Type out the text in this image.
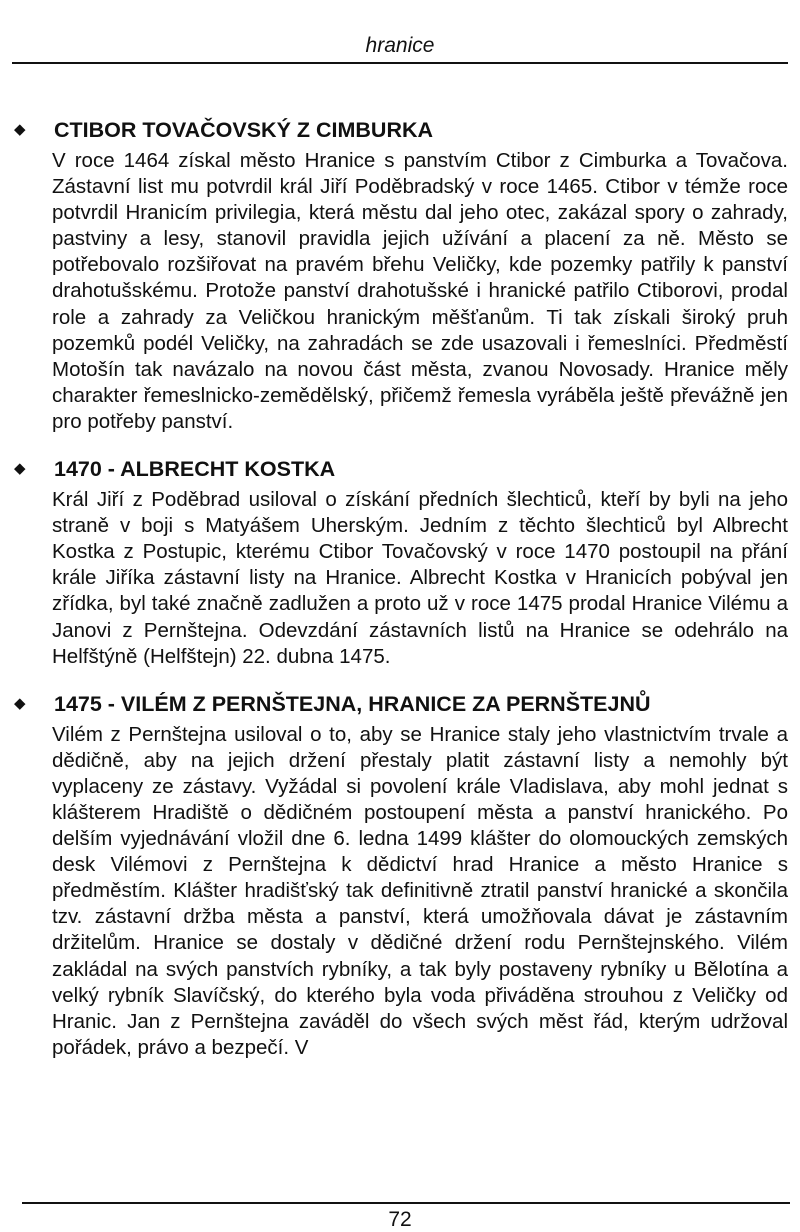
hranice
◆ CTIBOR TOVAČOVSKÝ Z CIMBURKA
V roce 1464 získal město Hranice s panstvím Ctibor z Cimburka a Tovačova. Zástavní list mu potvrdil král Jiří Poděbradský v roce 1465. Ctibor v témže roce potvrdil Hranicím privilegia, která městu dal jeho otec, zakázal spory o zahrady, pastviny a lesy, stanovil pravidla jejich užívání a placení za ně. Město se potřebovalo rozšiřovat na pravém břehu Veličky, kde pozemky patřily k panství drahotušskému. Protože panství drahotušské i hranické patřilo Ctiborovi, prodal role a zahrady za Veličkou hranickým měšťanům. Ti tak získali široký pruh pozemků podél Veličky, na zahradách se zde usazovali i řemeslníci. Předměstí Motošín tak navázalo na novou část města, zvanou Novosady. Hranice měly charakter řemeslnicko-zemědělský, přičemž řemesla vyráběla ještě převážně jen pro potřeby panství.
◆ 1470 - ALBRECHT KOSTKA
Král Jiří z Poděbrad usiloval o získání předních šlechticů, kteří by byli na jeho straně v boji s Matyášem Uherským. Jedním z těchto šlechticů byl Albrecht Kostka z Postupic, kterému Ctibor Tovačovský v roce 1470 postoupil na přání krále Jiříka zástavní listy na Hranice. Albrecht Kostka v Hranicích pobýval jen zřídka, byl také značně zadlužen a proto už v roce 1475 prodal Hranice Vilému a Janovi z Pernštejna. Odevzdání zástavních listů na Hranice se odehrálo na Helfštýně (Helfštejn) 22. dubna 1475.
◆ 1475 - VILÉM Z PERNŠTEJNA, HRANICE ZA PERNŠTEJNŮ
Vilém z Pernštejna usiloval o to, aby se Hranice staly jeho vlastnictvím trvale a dědičně, aby na jejich držení přestaly platit zástavní listy a nemohly být vyplaceny ze zástavy. Vyžádal si povolení krále Vladislava, aby mohl jednat s klášterem Hradiště o dědičném postoupení města a panství hranického. Po delším vyjednávání vložil dne 6. ledna 1499 klášter do olomouckých zemských desk Vilémovi z Pernštejna k dědictví hrad Hranice a město Hranice s předměstím. Klášter hradišťský tak definitivně ztratil panství hranické a skončila tzv. zástavní držba města a panství, která umožňovala dávat je zástavním držitelům. Hranice se dostaly v dědičné držení rodu Pernštejnského. Vilém zakládal na svých panstvích rybníky, a tak byly postaveny rybníky u Bělotína a velký rybník Slavíčský, do kterého byla voda přiváděna strouhou z Veličky od Hranic. Jan z Pernštejna zaváděl do všech svých měst řád, kterým udržoval pořádek, právo a bezpečí. V
72
